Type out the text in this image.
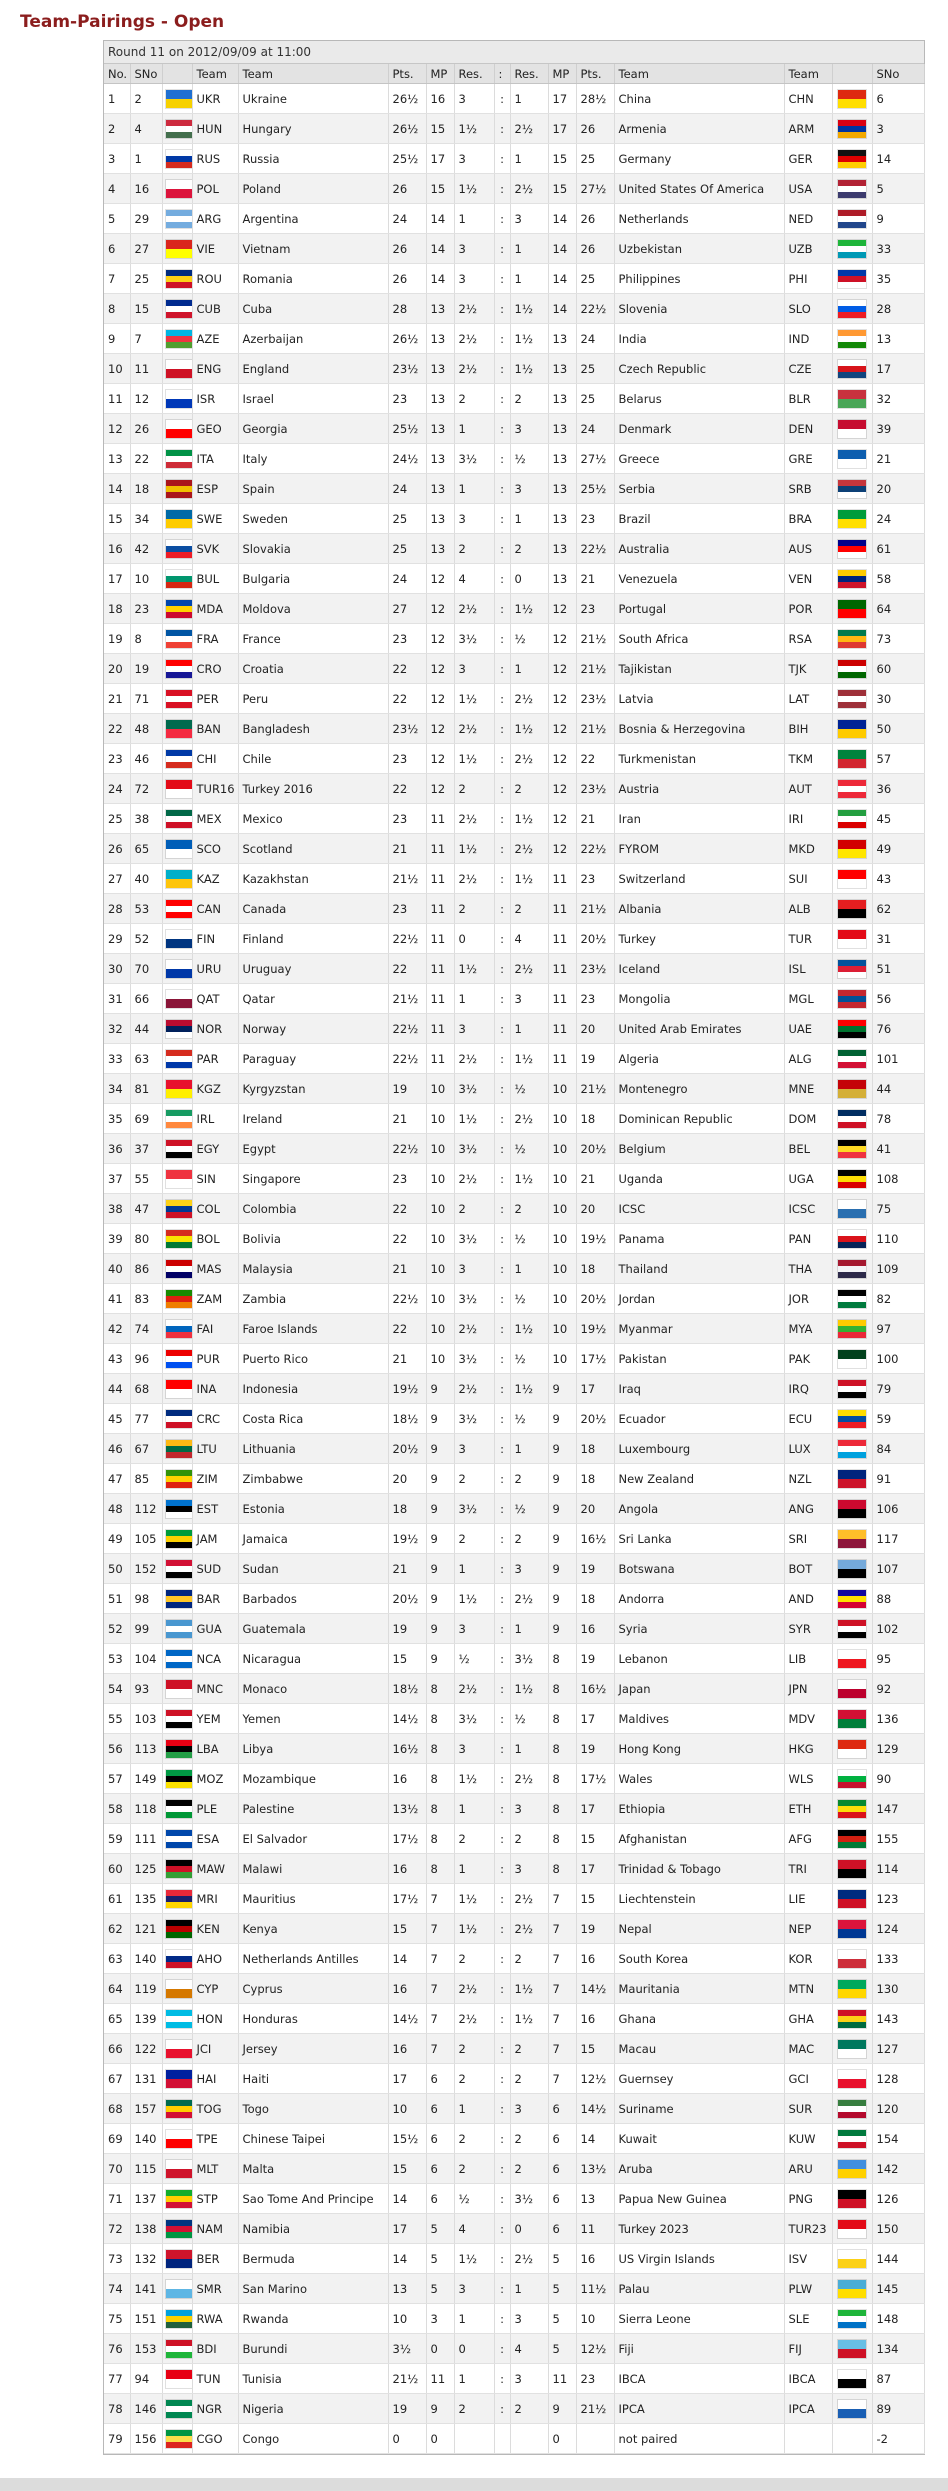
Team-Pairings - Open
Round 11 on 2012/09/09 at 11:00
No.	SNo		Team	Team	Pts.	MP	Res.	:	Res.	MP	Pts.	Team	Team		SNo
1	2		UKR	Ukraine	26½	16	3	:	1	17	28½	China	CHN		6
2	4		HUN	Hungary	26½	15	1½	:	2½	17	26	Armenia	ARM		3
3	1		RUS	Russia	25½	17	3	:	1	15	25	Germany	GER		14
4	16		POL	Poland	26	15	1½	:	2½	15	27½	United States Of America	USA		5
5	29		ARG	Argentina	24	14	1	:	3	14	26	Netherlands	NED		9
6	27		VIE	Vietnam	26	14	3	:	1	14	26	Uzbekistan	UZB		33
7	25		ROU	Romania	26	14	3	:	1	14	25	Philippines	PHI		35
8	15		CUB	Cuba	28	13	2½	:	1½	14	22½	Slovenia	SLO		28
9	7		AZE	Azerbaijan	26½	13	2½	:	1½	13	24	India	IND		13
10	11		ENG	England	23½	13	2½	:	1½	13	25	Czech Republic	CZE		17
11	12		ISR	Israel	23	13	2	:	2	13	25	Belarus	BLR		32
12	26		GEO	Georgia	25½	13	1	:	3	13	24	Denmark	DEN		39
13	22		ITA	Italy	24½	13	3½	:	½	13	27½	Greece	GRE		21
14	18		ESP	Spain	24	13	1	:	3	13	25½	Serbia	SRB		20
15	34		SWE	Sweden	25	13	3	:	1	13	23	Brazil	BRA		24
16	42		SVK	Slovakia	25	13	2	:	2	13	22½	Australia	AUS		61
17	10		BUL	Bulgaria	24	12	4	:	0	13	21	Venezuela	VEN		58
18	23		MDA	Moldova	27	12	2½	:	1½	12	23	Portugal	POR		64
19	8		FRA	France	23	12	3½	:	½	12	21½	South Africa	RSA		73
20	19		CRO	Croatia	22	12	3	:	1	12	21½	Tajikistan	TJK		60
21	71		PER	Peru	22	12	1½	:	2½	12	23½	Latvia	LAT		30
22	48		BAN	Bangladesh	23½	12	2½	:	1½	12	21½	Bosnia & Herzegovina	BIH		50
23	46		CHI	Chile	23	12	1½	:	2½	12	22	Turkmenistan	TKM		57
24	72		TUR16	Turkey 2016	22	12	2	:	2	12	23½	Austria	AUT		36
25	38		MEX	Mexico	23	11	2½	:	1½	12	21	Iran	IRI		45
26	65		SCO	Scotland	21	11	1½	:	2½	12	22½	FYROM	MKD		49
27	40		KAZ	Kazakhstan	21½	11	2½	:	1½	11	23	Switzerland	SUI		43
28	53		CAN	Canada	23	11	2	:	2	11	21½	Albania	ALB		62
29	52		FIN	Finland	22½	11	0	:	4	11	20½	Turkey	TUR		31
30	70		URU	Uruguay	22	11	1½	:	2½	11	23½	Iceland	ISL		51
31	66		QAT	Qatar	21½	11	1	:	3	11	23	Mongolia	MGL		56
32	44		NOR	Norway	22½	11	3	:	1	11	20	United Arab Emirates	UAE		76
33	63		PAR	Paraguay	22½	11	2½	:	1½	11	19	Algeria	ALG		101
34	81		KGZ	Kyrgyzstan	19	10	3½	:	½	10	21½	Montenegro	MNE		44
35	69		IRL	Ireland	21	10	1½	:	2½	10	18	Dominican Republic	DOM		78
36	37		EGY	Egypt	22½	10	3½	:	½	10	20½	Belgium	BEL		41
37	55		SIN	Singapore	23	10	2½	:	1½	10	21	Uganda	UGA		108
38	47		COL	Colombia	22	10	2	:	2	10	20	ICSC	ICSC		75
39	80		BOL	Bolivia	22	10	3½	:	½	10	19½	Panama	PAN		110
40	86		MAS	Malaysia	21	10	3	:	1	10	18	Thailand	THA		109
41	83		ZAM	Zambia	22½	10	3½	:	½	10	20½	Jordan	JOR		82
42	74		FAI	Faroe Islands	22	10	2½	:	1½	10	19½	Myanmar	MYA		97
43	96		PUR	Puerto Rico	21	10	3½	:	½	10	17½	Pakistan	PAK		100
44	68		INA	Indonesia	19½	9	2½	:	1½	9	17	Iraq	IRQ		79
45	77		CRC	Costa Rica	18½	9	3½	:	½	9	20½	Ecuador	ECU		59
46	67		LTU	Lithuania	20½	9	3	:	1	9	18	Luxembourg	LUX		84
47	85		ZIM	Zimbabwe	20	9	2	:	2	9	18	New Zealand	NZL		91
48	112		EST	Estonia	18	9	3½	:	½	9	20	Angola	ANG		106
49	105		JAM	Jamaica	19½	9	2	:	2	9	16½	Sri Lanka	SRI		117
50	152		SUD	Sudan	21	9	1	:	3	9	19	Botswana	BOT		107
51	98		BAR	Barbados	20½	9	1½	:	2½	9	18	Andorra	AND		88
52	99		GUA	Guatemala	19	9	3	:	1	9	16	Syria	SYR		102
53	104		NCA	Nicaragua	15	9	½	:	3½	8	19	Lebanon	LIB		95
54	93		MNC	Monaco	18½	8	2½	:	1½	8	16½	Japan	JPN		92
55	103		YEM	Yemen	14½	8	3½	:	½	8	17	Maldives	MDV		136
56	113		LBA	Libya	16½	8	3	:	1	8	19	Hong Kong	HKG		129
57	149		MOZ	Mozambique	16	8	1½	:	2½	8	17½	Wales	WLS		90
58	118		PLE	Palestine	13½	8	1	:	3	8	17	Ethiopia	ETH		147
59	111		ESA	El Salvador	17½	8	2	:	2	8	15	Afghanistan	AFG		155
60	125		MAW	Malawi	16	8	1	:	3	8	17	Trinidad & Tobago	TRI		114
61	135		MRI	Mauritius	17½	7	1½	:	2½	7	15	Liechtenstein	LIE		123
62	121		KEN	Kenya	15	7	1½	:	2½	7	19	Nepal	NEP		124
63	140		AHO	Netherlands Antilles	14	7	2	:	2	7	16	South Korea	KOR		133
64	119		CYP	Cyprus	16	7	2½	:	1½	7	14½	Mauritania	MTN		130
65	139		HON	Honduras	14½	7	2½	:	1½	7	16	Ghana	GHA		143
66	122		JCI	Jersey	16	7	2	:	2	7	15	Macau	MAC		127
67	131		HAI	Haiti	17	6	2	:	2	7	12½	Guernsey	GCI		128
68	157		TOG	Togo	10	6	1	:	3	6	14½	Suriname	SUR		120
69	140		TPE	Chinese Taipei	15½	6	2	:	2	6	14	Kuwait	KUW		154
70	115		MLT	Malta	15	6	2	:	2	6	13½	Aruba	ARU		142
71	137		STP	Sao Tome And Principe	14	6	½	:	3½	6	13	Papua New Guinea	PNG		126
72	138		NAM	Namibia	17	5	4	:	0	6	11	Turkey 2023	TUR23		150
73	132		BER	Bermuda	14	5	1½	:	2½	5	16	US Virgin Islands	ISV		144
74	141		SMR	San Marino	13	5	3	:	1	5	11½	Palau	PLW		145
75	151		RWA	Rwanda	10	3	1	:	3	5	10	Sierra Leone	SLE		148
76	153		BDI	Burundi	3½	0	0	:	4	5	12½	Fiji	FIJ		134
77	94		TUN	Tunisia	21½	11	1	:	3	11	23	IBCA	IBCA		87
78	146		NGR	Nigeria	19	9	2	:	2	9	21½	IPCA	IPCA		89
79	156		CGO	Congo	0	0				0		not paired			-2
